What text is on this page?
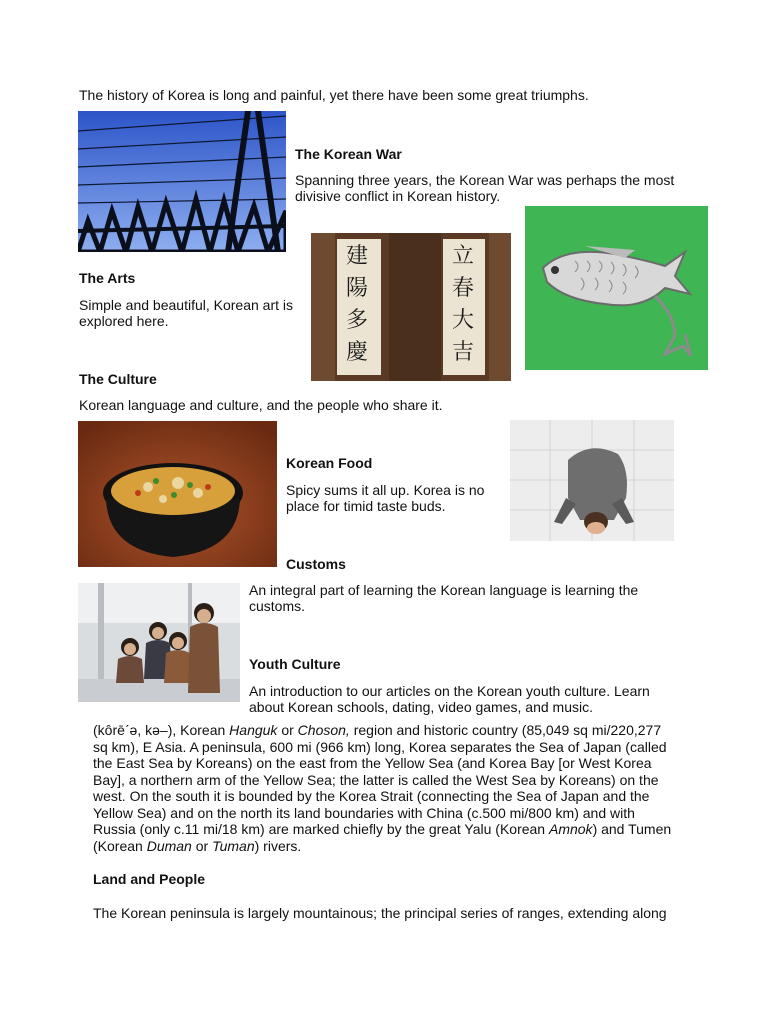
The history of Korea is long and painful, yet there have been some great triumphs.
The Korean War
Spanning three years, the Korean War was perhaps the most divisive conflict in Korean history.
建陽多慶
立春大吉
The Arts
Simple and beautiful, Korean art is explored here.
The Culture
Korean language and culture, and the people who share it.
Korean Food
Spicy sums it all up. Korea is no place for timid taste buds.
Customs
An integral part of learning the Korean language is learning the customs.
Youth Culture
An introduction to our articles on the Korean youth culture. Learn about Korean schools, dating, video games, and music.
(kôrēˊə, kə–), Korean Hanguk or Choson, region and historic country (85,049 sq mi/220,277 sq km), E Asia. A peninsula, 600 mi (966 km) long, Korea separates the Sea of Japan (called the East Sea by Koreans) on the east from the Yellow Sea (and Korea Bay [or West Korea Bay], a northern arm of the Yellow Sea; the latter is called the West Sea by Koreans) on the west. On the south it is bounded by the Korea Strait (connecting the Sea of Japan and the Yellow Sea) and on the north its land boundaries with China (c.500 mi/800 km) and with Russia (only c.11 mi/18 km) are marked chiefly by the great Yalu (Korean Amnok) and Tumen (Korean Duman or Tuman) rivers.
Land and People
The Korean peninsula is largely mountainous; the principal series of ranges, extending along
